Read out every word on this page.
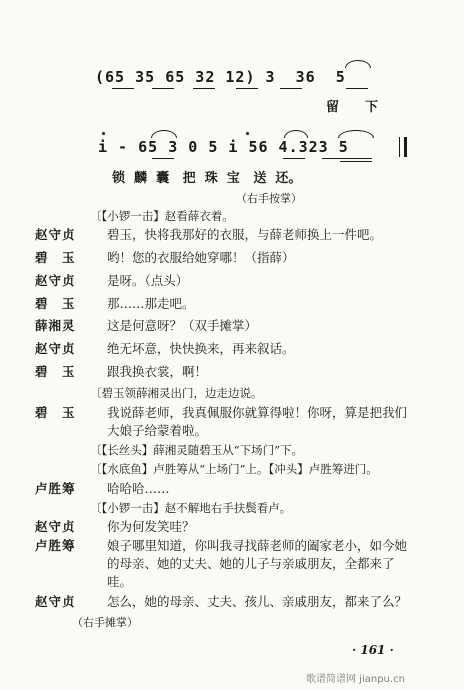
(65 35 65 32 12) 3  36  5
留下
i - 65 3 0 5 i 56 4.323 5
锁  麟  囊   把  珠  宝   送  还。
（右手按掌）
〔【小锣一击】赵看薛衣着。
赵守贞	碧玉，快将我那好的衣服，与薛老师换上一件吧。
碧　玉	哟！您的衣服给她穿哪！（指薛）
赵守贞	是呀。（点头）
碧　玉	那……那走吧。
薛湘灵	这是何意呀？（双手摊掌）
赵守贞	绝无坏意，快快换来，再来叙话。
碧　玉	跟我换衣裳，啊！
〔碧玉领薛湘灵出门，边走边说。
碧　玉	我说薛老师，我真佩服你就算得啦！你呀，算是把我们
大娘子给蒙着啦。
〔【长丝头】薛湘灵随碧玉从“下场门”下。
〔【水底鱼】卢胜筹从“上场门”上。【冲头】卢胜筹进门。
卢胜筹	哈哈哈……
〔【小锣一击】赵不解地右手扶鬓看卢。
赵守贞	你为何发笑哇？
卢胜筹	娘子哪里知道，你叫我寻找薛老师的阖家老小，如今她
的母亲、她的丈夫、她的儿子与亲戚朋友，全都来了
哇。
赵守贞	怎么，她的母亲、丈夫、孩儿、亲戚朋友，都来了么？
（右手摊掌）
· 161 ·
歌谱简谱网 jianpu.cn
